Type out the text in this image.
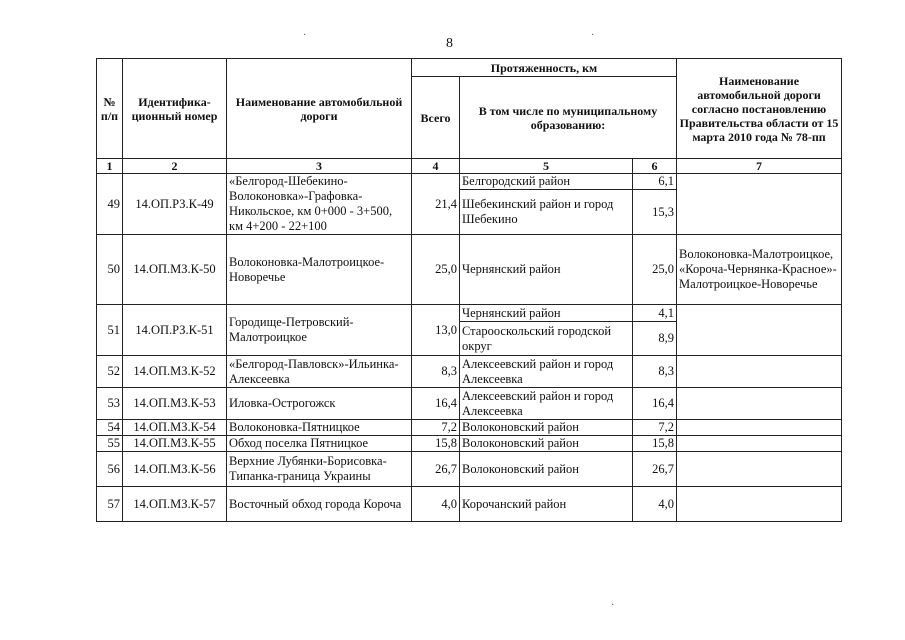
8
·	·
·
№ п/п	Идентифика-ционный номер	Наименование автомобильной дороги	Протяженность, км			Наименование автомобильной дороги согласно постановлению Правительства области от 15 марта 2010 года № 78-пп
			Всего	В том числе по муниципальному образованию:		
1	2	3	4	5	6	7
49	14.ОП.РЗ.К-49	«Белгород-Шебекино-Волоконовка»-Графовка-Никольское, км 0+000 - 3+500, км 4+200 - 22+100	21,4	Белгородский район	6,1	
				Шебекинский район и город Шебекино	15,3	
50	14.ОП.МЗ.К-50	Волоконовка-Малотроицкое-Новоречье	25,0	Чернянский район	25,0	Волоконовка-Малотроицкое, «Короча-Чернянка-Красное»-Малотроицкое-Новоречье
51	14.ОП.РЗ.К-51	Городище-Петровский-Малотроицкое	13,0	Чернянский район	4,1	
				Старооскольский городской округ	8,9	
52	14.ОП.МЗ.К-52	«Белгород-Павловск»-Ильинка-Алексеевка	8,3	Алексеевский район и город Алексеевка	8,3	
53	14.ОП.МЗ.К-53	Иловка-Острогожск	16,4	Алексеевский район и город Алексеевка	16,4	
54	14.ОП.МЗ.К-54	Волоконовка-Пятницкое	7,2	Волоконовский район	7,2	
55	14.ОП.МЗ.К-55	Обход поселка Пятницкое	15,8	Волоконовский район	15,8	
56	14.ОП.МЗ.К-56	Верхние Лубянки-Борисовка-Типанка-граница Украины	26,7	Волоконовский район	26,7	
57	14.ОП.МЗ.К-57	Восточный обход города Короча	4,0	Корочанский район	4,0	
